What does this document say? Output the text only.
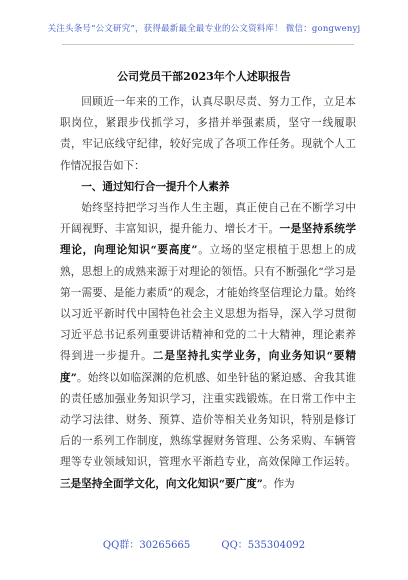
关注头条号“公文研究”，获得最新最全最专业的公文资料库！ 微信：gongwenyj
公司党员干部2023年个人述职报告

回顾近一年来的工作，认真尽职尽责、努力工作，立足本职岗位，紧跟步伐抓学习，多措并举强素质，坚守一线履职责，牢记底线守纪律，较好完成了各项工作任务。现就个人工作情况报告如下：

一、通过知行合一提升个人素养

始终坚持把学习当作人生主题，真正使自己在不断学习中开阔视野、丰富知识，提升能力、增长才干。一是坚持系统学理论，向理论知识“要高度”。立场的坚定根植于思想上的成熟，思想上的成熟来源于对理论的领悟。只有不断强化“学习是第一需要、是能力素质”的观念，才能始终坚信理论力量。始终以习近平新时代中国特色社会主义思想为指导，深入学习贯彻习近平总书记系列重要讲话精神和党的二十大精神，理论素养得到进一步提升。二是坚持扎实学业务，向业务知识“要精度”。始终以如临深渊的危机感、如坐针毡的紧迫感、舍我其谁的责任感加强业务知识学习，注重实践锻炼。在日常工作中主动学习法律、财务、预算、造价等相关业务知识，特别是修订后的一系列工作制度，熟练掌握财务管理、公务采购、车辆管理等专业领域知识，管理水平渐趋专业，高效保障工作运转。三是坚持全面学文化，向文化知识“要广度”。作为

QQ群：30265665	QQ：535304092
